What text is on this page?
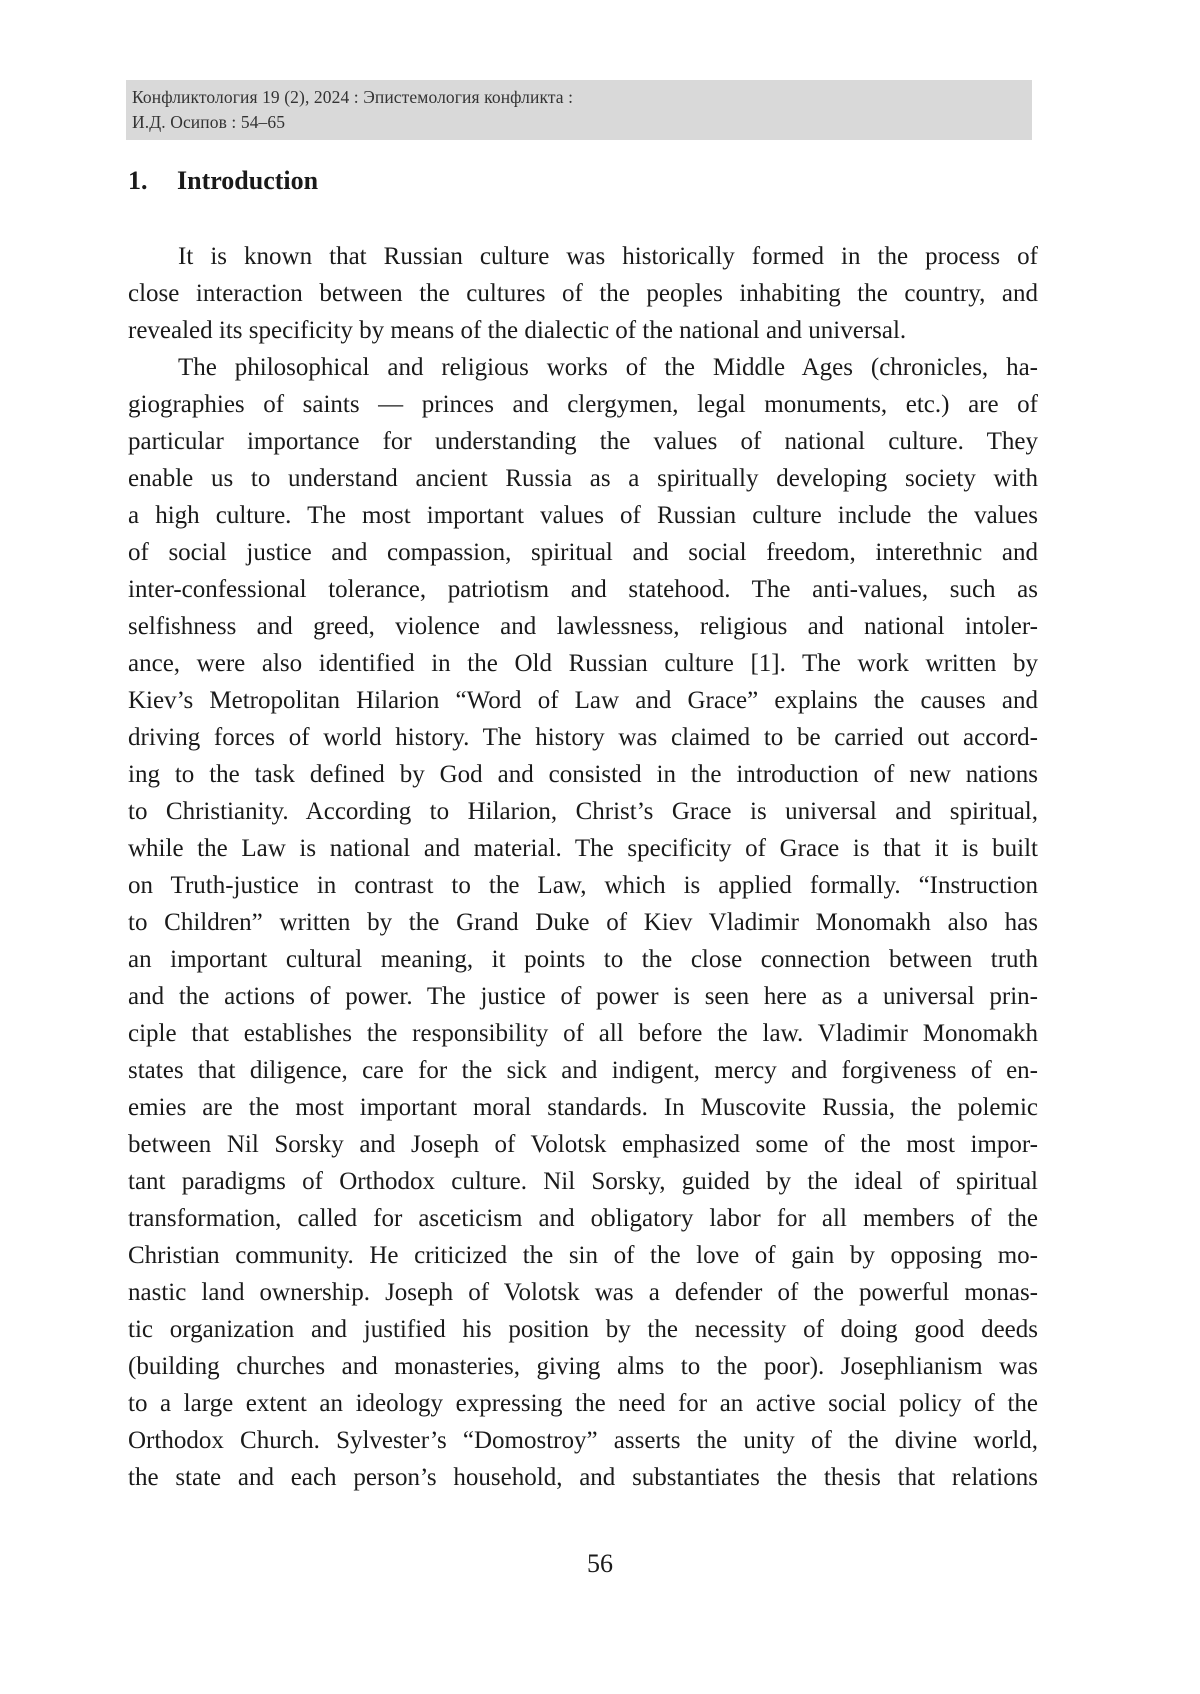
Конфликтология 19 (2), 2024 : Эпистемология конфликта :
И.Д. Осипов : 54–65
1. Introduction
It is known that Russian culture was historically formed in the process of
close interaction between the cultures of the peoples inhabiting the country, and
revealed its specificity by means of the dialectic of the national and universal.
The philosophical and religious works of the Middle Ages (chronicles, ha-
giographies of saints — princes and clergymen, legal monuments, etc.) are of
particular importance for understanding the values of national culture. They
enable us to understand ancient Russia as a spiritually developing society with
a high culture. The most important values of Russian culture include the values
of social justice and compassion, spiritual and social freedom, interethnic and
inter-confessional tolerance, patriotism and statehood. The anti-values, such as
selfishness and greed, violence and lawlessness, religious and national intoler-
ance, were also identified in the Old Russian culture [1]. The work written by
Kiev’s Metropolitan Hilarion “Word of Law and Grace” explains the causes and
driving forces of world history. The history was claimed to be carried out accord-
ing to the task defined by God and consisted in the introduction of new nations
to Christianity. According to Hilarion, Christ’s Grace is universal and spiritual,
while the Law is national and material. The specificity of Grace is that it is built
on Truth-justice in contrast to the Law, which is applied formally. “Instruction
to Children” written by the Grand Duke of Kiev Vladimir Monomakh also has
an important cultural meaning, it points to the close connection between truth
and the actions of power. The justice of power is seen here as a universal prin-
ciple that establishes the responsibility of all before the law. Vladimir Monomakh
states that diligence, care for the sick and indigent, mercy and forgiveness of en-
emies are the most important moral standards. In Muscovite Russia, the polemic
between Nil Sorsky and Joseph of Volotsk emphasized some of the most impor-
tant paradigms of Orthodox culture. Nil Sorsky, guided by the ideal of spiritual
transformation, called for asceticism and obligatory labor for all members of the
Christian community. He criticized the sin of the love of gain by opposing mo-
nastic land ownership. Joseph of Volotsk was a defender of the powerful monas-
tic organization and justified his position by the necessity of doing good deeds
(building churches and monasteries, giving alms to the poor). Josephlianism was
to a large extent an ideology expressing the need for an active social policy of the
Orthodox Church. Sylvester’s “Domostroy” asserts the unity of the divine world,
the state and each person’s household, and substantiates the thesis that relations
56
